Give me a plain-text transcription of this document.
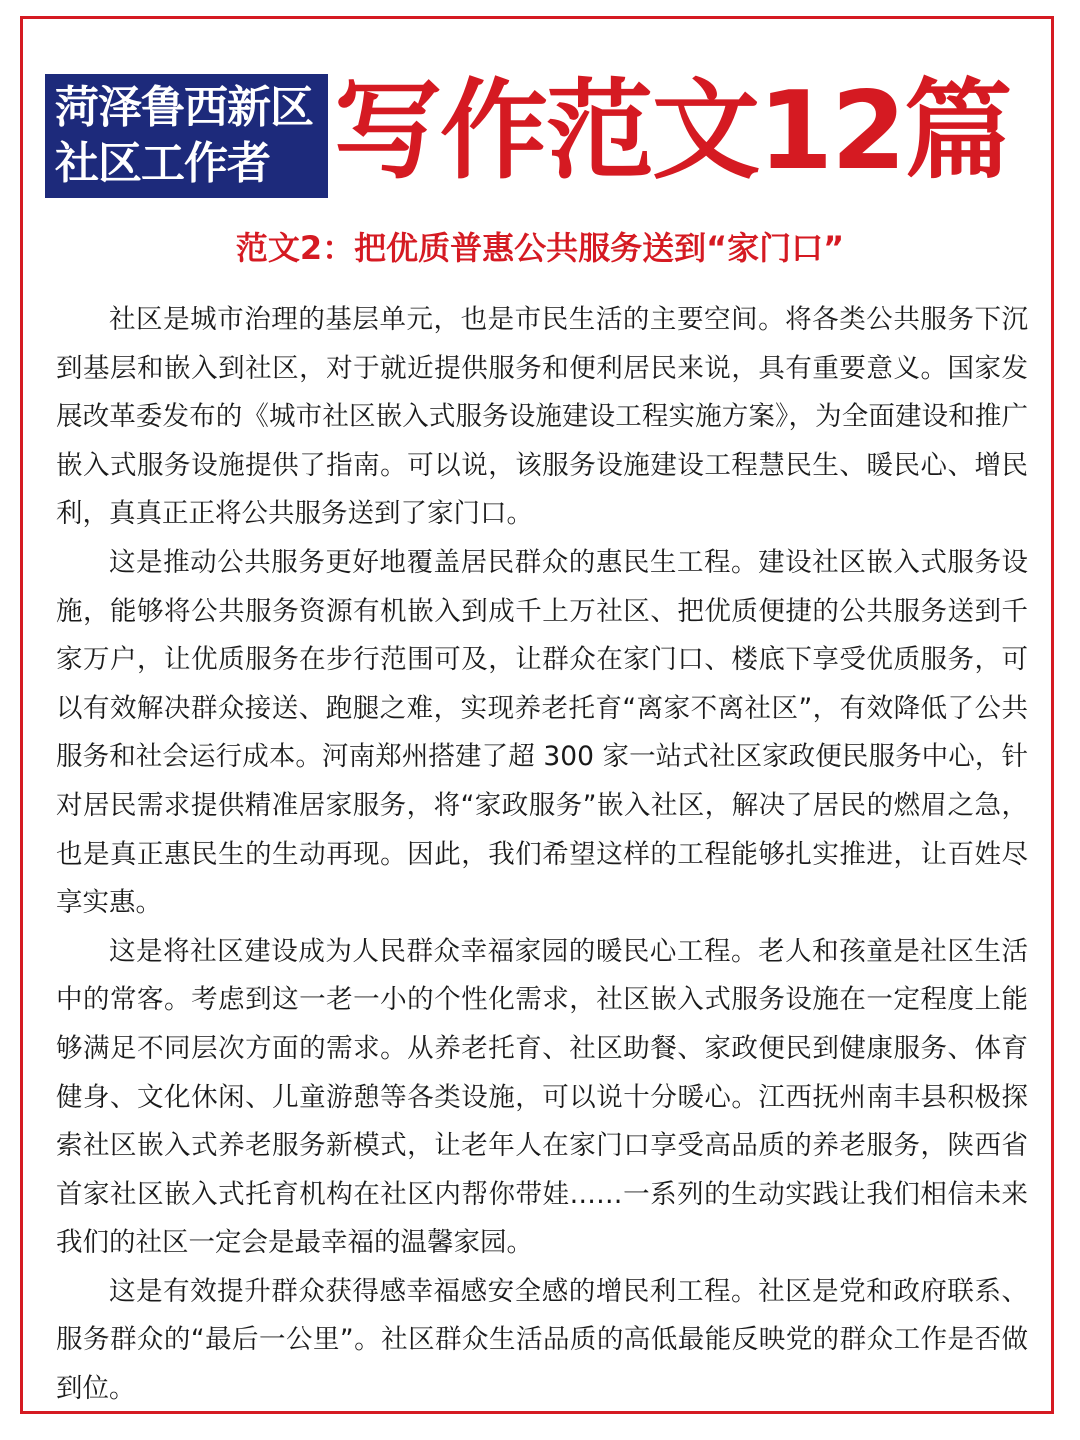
菏泽鲁西新区
社区工作者 写作范文12篇
范文2：把优质普惠公共服务送到“家门口”

社区是城市治理的基层单元，也是市民生活的主要空间。将各类公共服务下沉到基层和嵌入到社区，对于就近提供服务和便利居民来说，具有重要意义。国家发展改革委发布的《城市社区嵌入式服务设施建设工程实施方案》，为全面建设和推广嵌入式服务设施提供了指南。可以说，该服务设施建设工程慧民生、暖民心、增民利，真真正正将公共服务送到了家门口。

这是推动公共服务更好地覆盖居民群众的惠民生工程。建设社区嵌入式服务设施，能够将公共服务资源有机嵌入到成千上万社区、把优质便捷的公共服务送到千家万户，让优质服务在步行范围可及，让群众在家门口、楼底下享受优质服务，可以有效解决群众接送、跑腿之难，实现养老托育“离家不离社区”，有效降低了公共服务和社会运行成本。河南郑州搭建了超 300 家一站式社区家政便民服务中心，针对居民需求提供精准居家服务，将“家政服务”嵌入社区，解决了居民的燃眉之急，也是真正惠民生的生动再现。因此，我们希望这样的工程能够扎实推进，让百姓尽享实惠。

这是将社区建设成为人民群众幸福家园的暖民心工程。老人和孩童是社区生活中的常客。考虑到这一老一小的个性化需求，社区嵌入式服务设施在一定程度上能够满足不同层次方面的需求。从养老托育、社区助餐、家政便民到健康服务、体育健身、文化休闲、儿童游憩等各类设施，可以说十分暖心。江西抚州南丰县积极探索社区嵌入式养老服务新模式，让老年人在家门口享受高品质的养老服务，陕西省首家社区嵌入式托育机构在社区内帮你带娃……一系列的生动实践让我们相信未来我们的社区一定会是最幸福的温馨家园。

这是有效提升群众获得感幸福感安全感的增民利工程。社区是党和政府联系、服务群众的“最后一公里”。社区群众生活品质的高低最能反映党的群众工作是否做到位。
